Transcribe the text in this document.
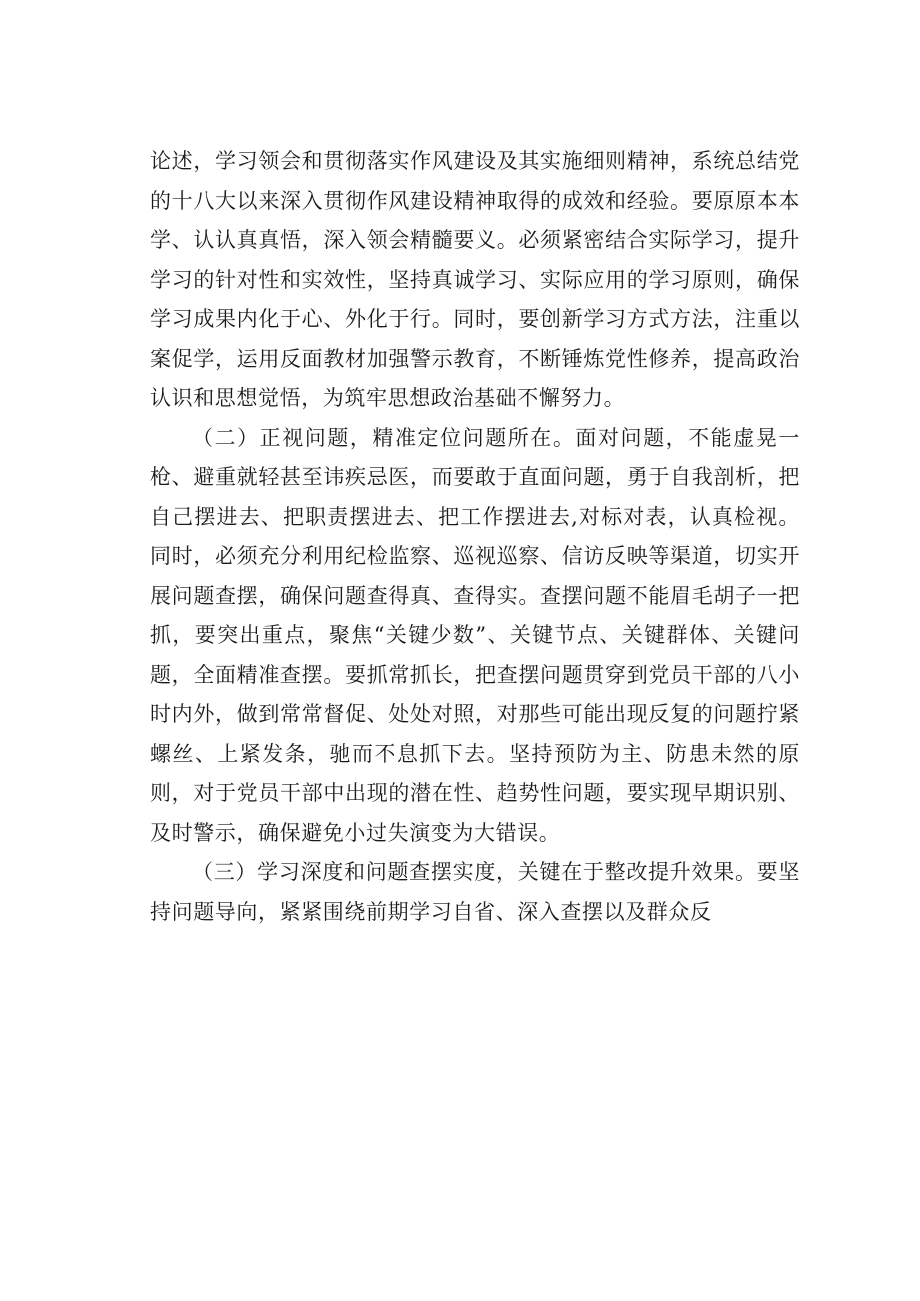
论述，学习领会和贯彻落实作风建设及其实施细则精神，系统总结党的十八大以来深入贯彻作风建设精神取得的成效和经验。要原原本本学、认认真真悟，深入领会精髓要义。必须紧密结合实际学习，提升学习的针对性和实效性，坚持真诚学习、实际应用的学习原则，确保学习成果内化于心、外化于行。同时，要创新学习方式方法，注重以案促学，运用反面教材加强警示教育，不断锤炼党性修养，提高政治认识和思想觉悟，为筑牢思想政治基础不懈努力。

（二）正视问题，精准定位问题所在。面对问题，不能虚晃一枪、避重就轻甚至讳疾忌医，而要敢于直面问题，勇于自我剖析，把自己摆进去、把职责摆进去、把工作摆进去,对标对表，认真检视。同时，必须充分利用纪检监察、巡视巡察、信访反映等渠道，切实开展问题查摆，确保问题查得真、查得实。查摆问题不能眉毛胡子一把抓，要突出重点，聚焦“关键少数”、关键节点、关键群体、关键问题，全面精准查摆。要抓常抓长，把查摆问题贯穿到党员干部的八小时内外，做到常常督促、处处对照，对那些可能出现反复的问题拧紧螺丝、上紧发条，驰而不息抓下去。坚持预防为主、防患未然的原则，对于党员干部中出现的潜在性、趋势性问题，要实现早期识别、及时警示，确保避免小过失演变为大错误。

（三）学习深度和问题查摆实度，关键在于整改提升效果。要坚持问题导向，紧紧围绕前期学习自省、深入查摆以及群众反
